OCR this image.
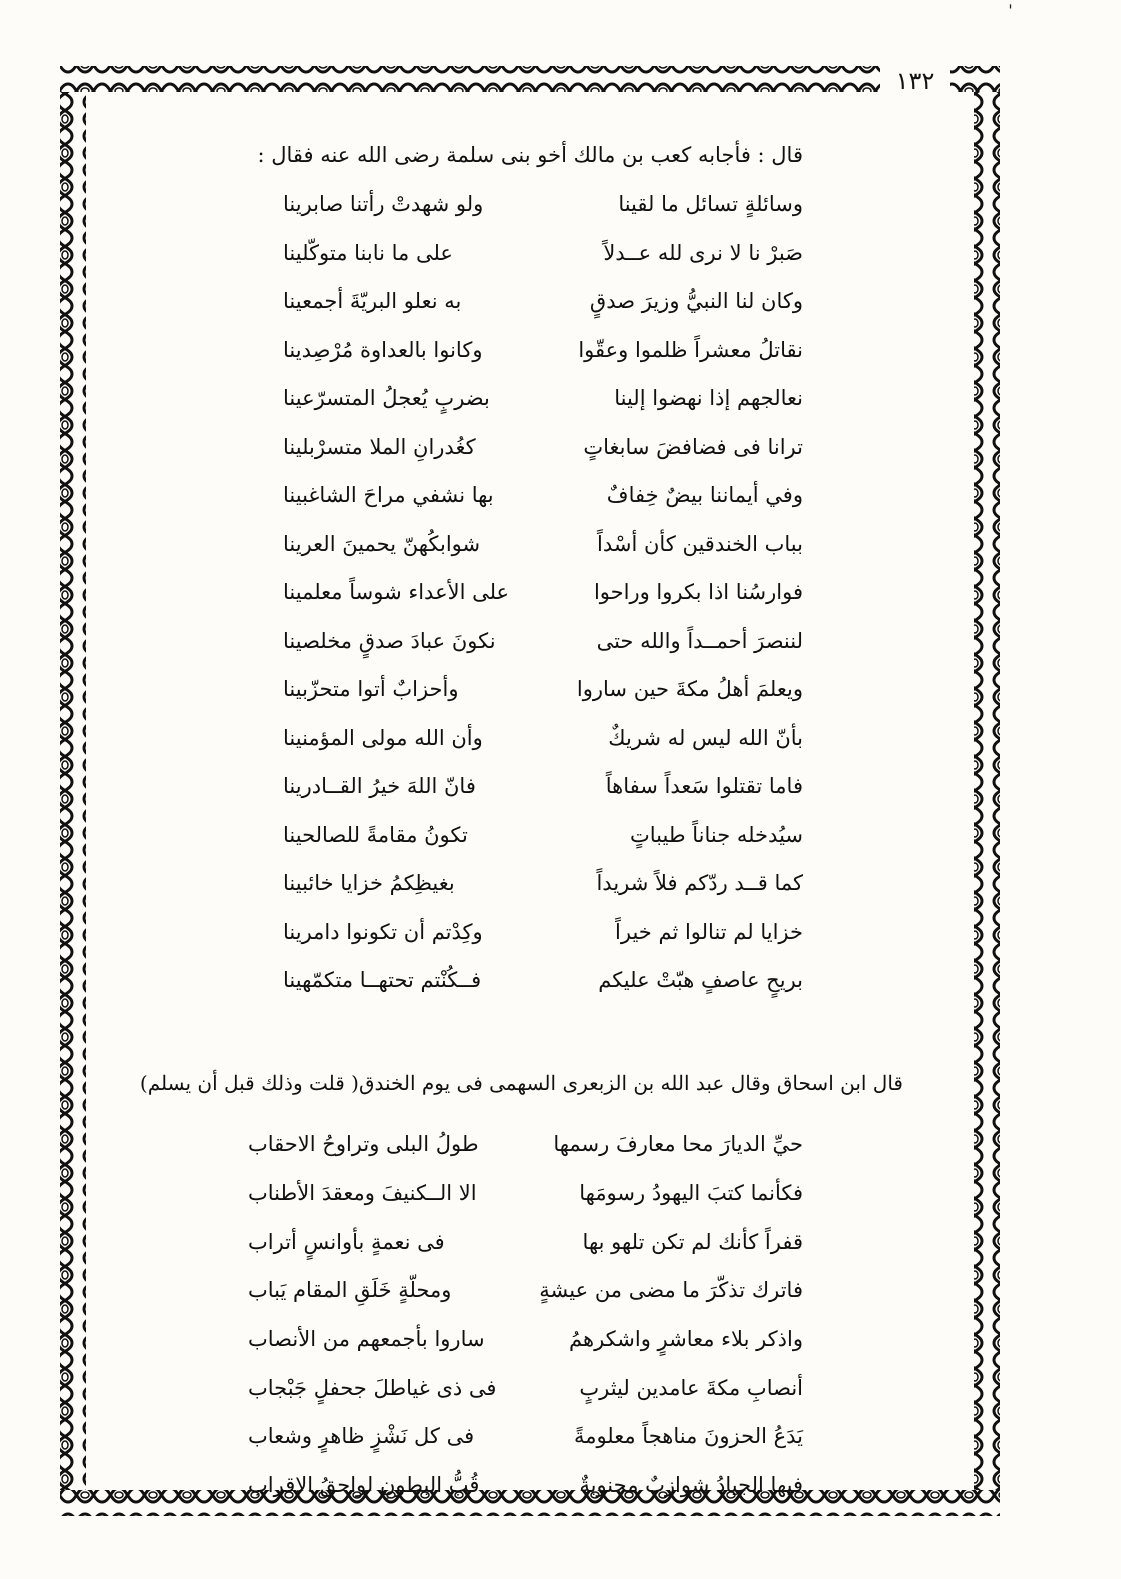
ˈ
١٣٢
قال : فأجابه كعب بن مالك أخو بنى سلمة رضى الله عنه فقال :
وسائلةٍ تسائل ما لقينا
ولو شهدتْ رأتنا صابرينا
صَبرْ نا لا نرى لله عــدلاً
على ما نابنا متوكّلينا
وكان لنا النبيُّ وزيرَ صدقٍ
به نعلو البريّةَ أجمعينا
نقاتلُ معشراً ظلموا وعقّوا
وكانوا بالعداوة مُرْصِدينا
نعالجهم إذا نهضوا إلينا
بضربٍ يُعجلُ المتسرّعينا
ترانا فى فضافضَ سابغاتٍ
كغُدرانِ الملا متسرْبلينا
وفي أيماننا بيضٌ خِفافٌ
بها نشفي مراحَ الشاغبينا
بباب الخندقين كأن أسْداً
شوابكُهنّ يحمينَ العرينا
فوارسُنا اذا بكروا وراحوا
على الأعداء شوساً معلمينا
لننصرَ أحمــداً والله حتى
نكونَ عبادَ صدقٍ مخلصينا
ويعلمَ أهلُ مكةَ حين ساروا
وأحزابٌ أتوا متحزّبينا
بأنّ الله ليس له شريكٌ
وأن الله مولى المؤمنينا
فاما تقتلوا سَعداً سفاهاً
فانّ اللهَ خيرُ القــادرينا
سيُدخله جناناً طيباتٍ
تكونُ مقامةً للصالحينا
كما قــد ردّكم فلاً شريداً
بغيظِكمُ خزايا خائبينا
خزايا لم تنالوا ثم خيراً
وكِدْتم أن تكونوا دامرينا
بريحٍ عاصفٍ هبّتْ عليكم
فــكُنْتم تحتهــا متكمّهينا
قال ابن اسحاق وقال عبد الله بن الزبعرى السهمى فى يوم الخندق( قلت وذلك قبل أن يسلم)
حيِّ الديارَ محا معارفَ رسمها
طولُ البلى وتراوحُ الاحقاب
فكأنما كتبَ اليهودُ رسومَها
الا الــكنيفَ ومعقدَ الأطناب
قفراً كأنك لم تكن تلهو بها
فى نعمةٍ بأوانسٍ أتراب
فاترك تذكّرَ ما مضى من عيشةٍ
ومحلّةٍ خَلَقِ المقام يَباب
واذكر بلاء معاشرٍ واشكرهمُ
ساروا بأجمعهم من الأنصاب
أنصابِ مكةَ عامدين ليثربٍ
فى ذى غياطلَ جحفلٍ جَبْجاب
يَدَعُ الحزونَ مناهجاً معلومةً
فى كل نَشْزٍ ظاهرٍ وشعاب
فيها الجيادُ شوازبٌ مجنوبةٌ
قُبُّ البطونِ لواحقُ الاقراب
